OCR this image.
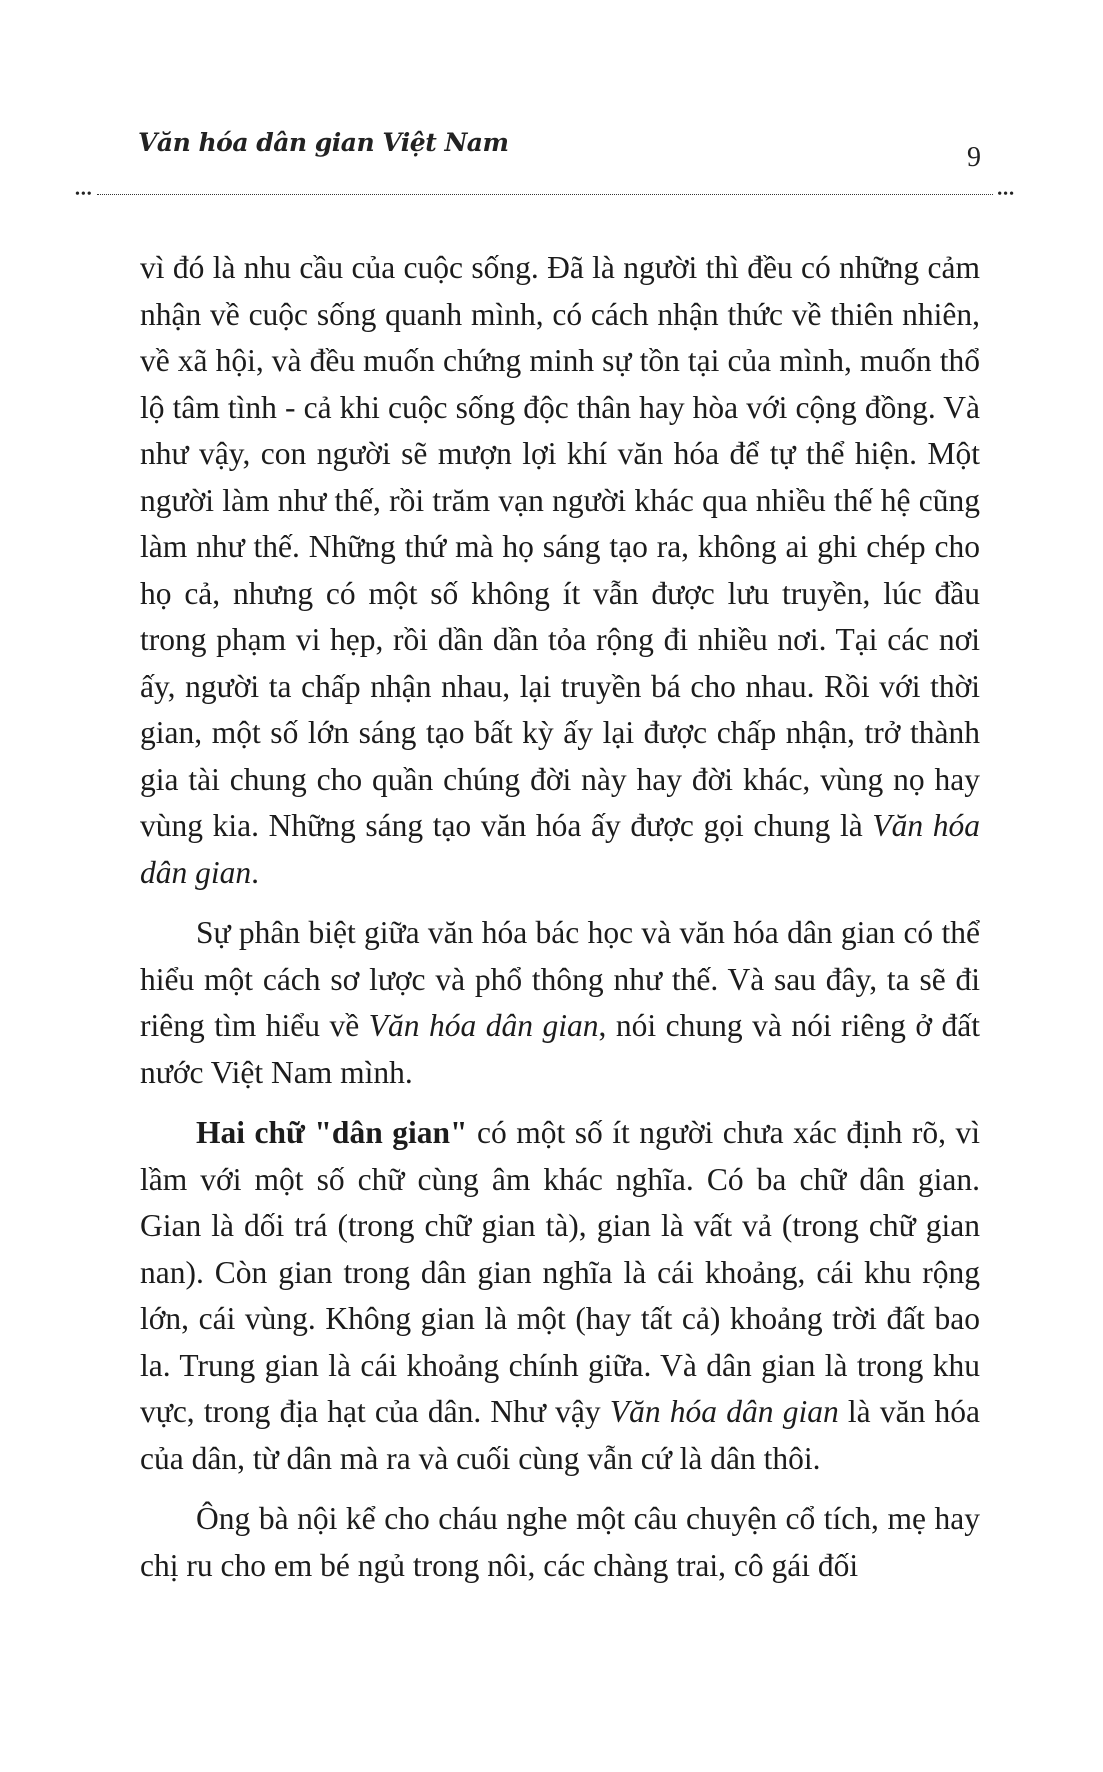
Văn hóa dân gian Việt Nam	9
•••	•••

vì đó là nhu cầu của cuộc sống. Đã là người thì đều có những cảm nhận về cuộc sống quanh mình, có cách nhận thức về thiên nhiên, về xã hội, và đều muốn chứng minh sự tồn tại của mình, muốn thổ lộ tâm tình - cả khi cuộc sống độc thân hay hòa với cộng đồng. Và như vậy, con người sẽ mượn lợi khí văn hóa để tự thể hiện. Một người làm như thế, rồi trăm vạn người khác qua nhiều thế hệ cũng làm như thế. Những thứ mà họ sáng tạo ra, không ai ghi chép cho họ cả, nhưng có một số không ít vẫn được lưu truyền, lúc đầu trong phạm vi hẹp, rồi dần dần tỏa rộng đi nhiều nơi. Tại các nơi ấy, người ta chấp nhận nhau, lại truyền bá cho nhau. Rồi với thời gian, một số lớn sáng tạo bất kỳ ấy lại được chấp nhận, trở thành gia tài chung cho quần chúng đời này hay đời khác, vùng nọ hay vùng kia. Những sáng tạo văn hóa ấy được gọi chung là Văn hóa dân gian.

Sự phân biệt giữa văn hóa bác học và văn hóa dân gian có thể hiểu một cách sơ lược và phổ thông như thế. Và sau đây, ta sẽ đi riêng tìm hiểu về Văn hóa dân gian, nói chung và nói riêng ở đất nước Việt Nam mình.

Hai chữ "dân gian" có một số ít người chưa xác định rõ, vì lầm với một số chữ cùng âm khác nghĩa. Có ba chữ dân gian. Gian là dối trá (trong chữ gian tà), gian là vất vả (trong chữ gian nan). Còn gian trong dân gian nghĩa là cái khoảng, cái khu rộng lớn, cái vùng. Không gian là một (hay tất cả) khoảng trời đất bao la. Trung gian là cái khoảng chính giữa. Và dân gian là trong khu vực, trong địa hạt của dân. Như vậy Văn hóa dân gian là văn hóa của dân, từ dân mà ra và cuối cùng vẫn cứ là dân thôi.

Ông bà nội kể cho cháu nghe một câu chuyện cổ tích, mẹ hay chị ru cho em bé ngủ trong nôi, các chàng trai, cô gái đối
